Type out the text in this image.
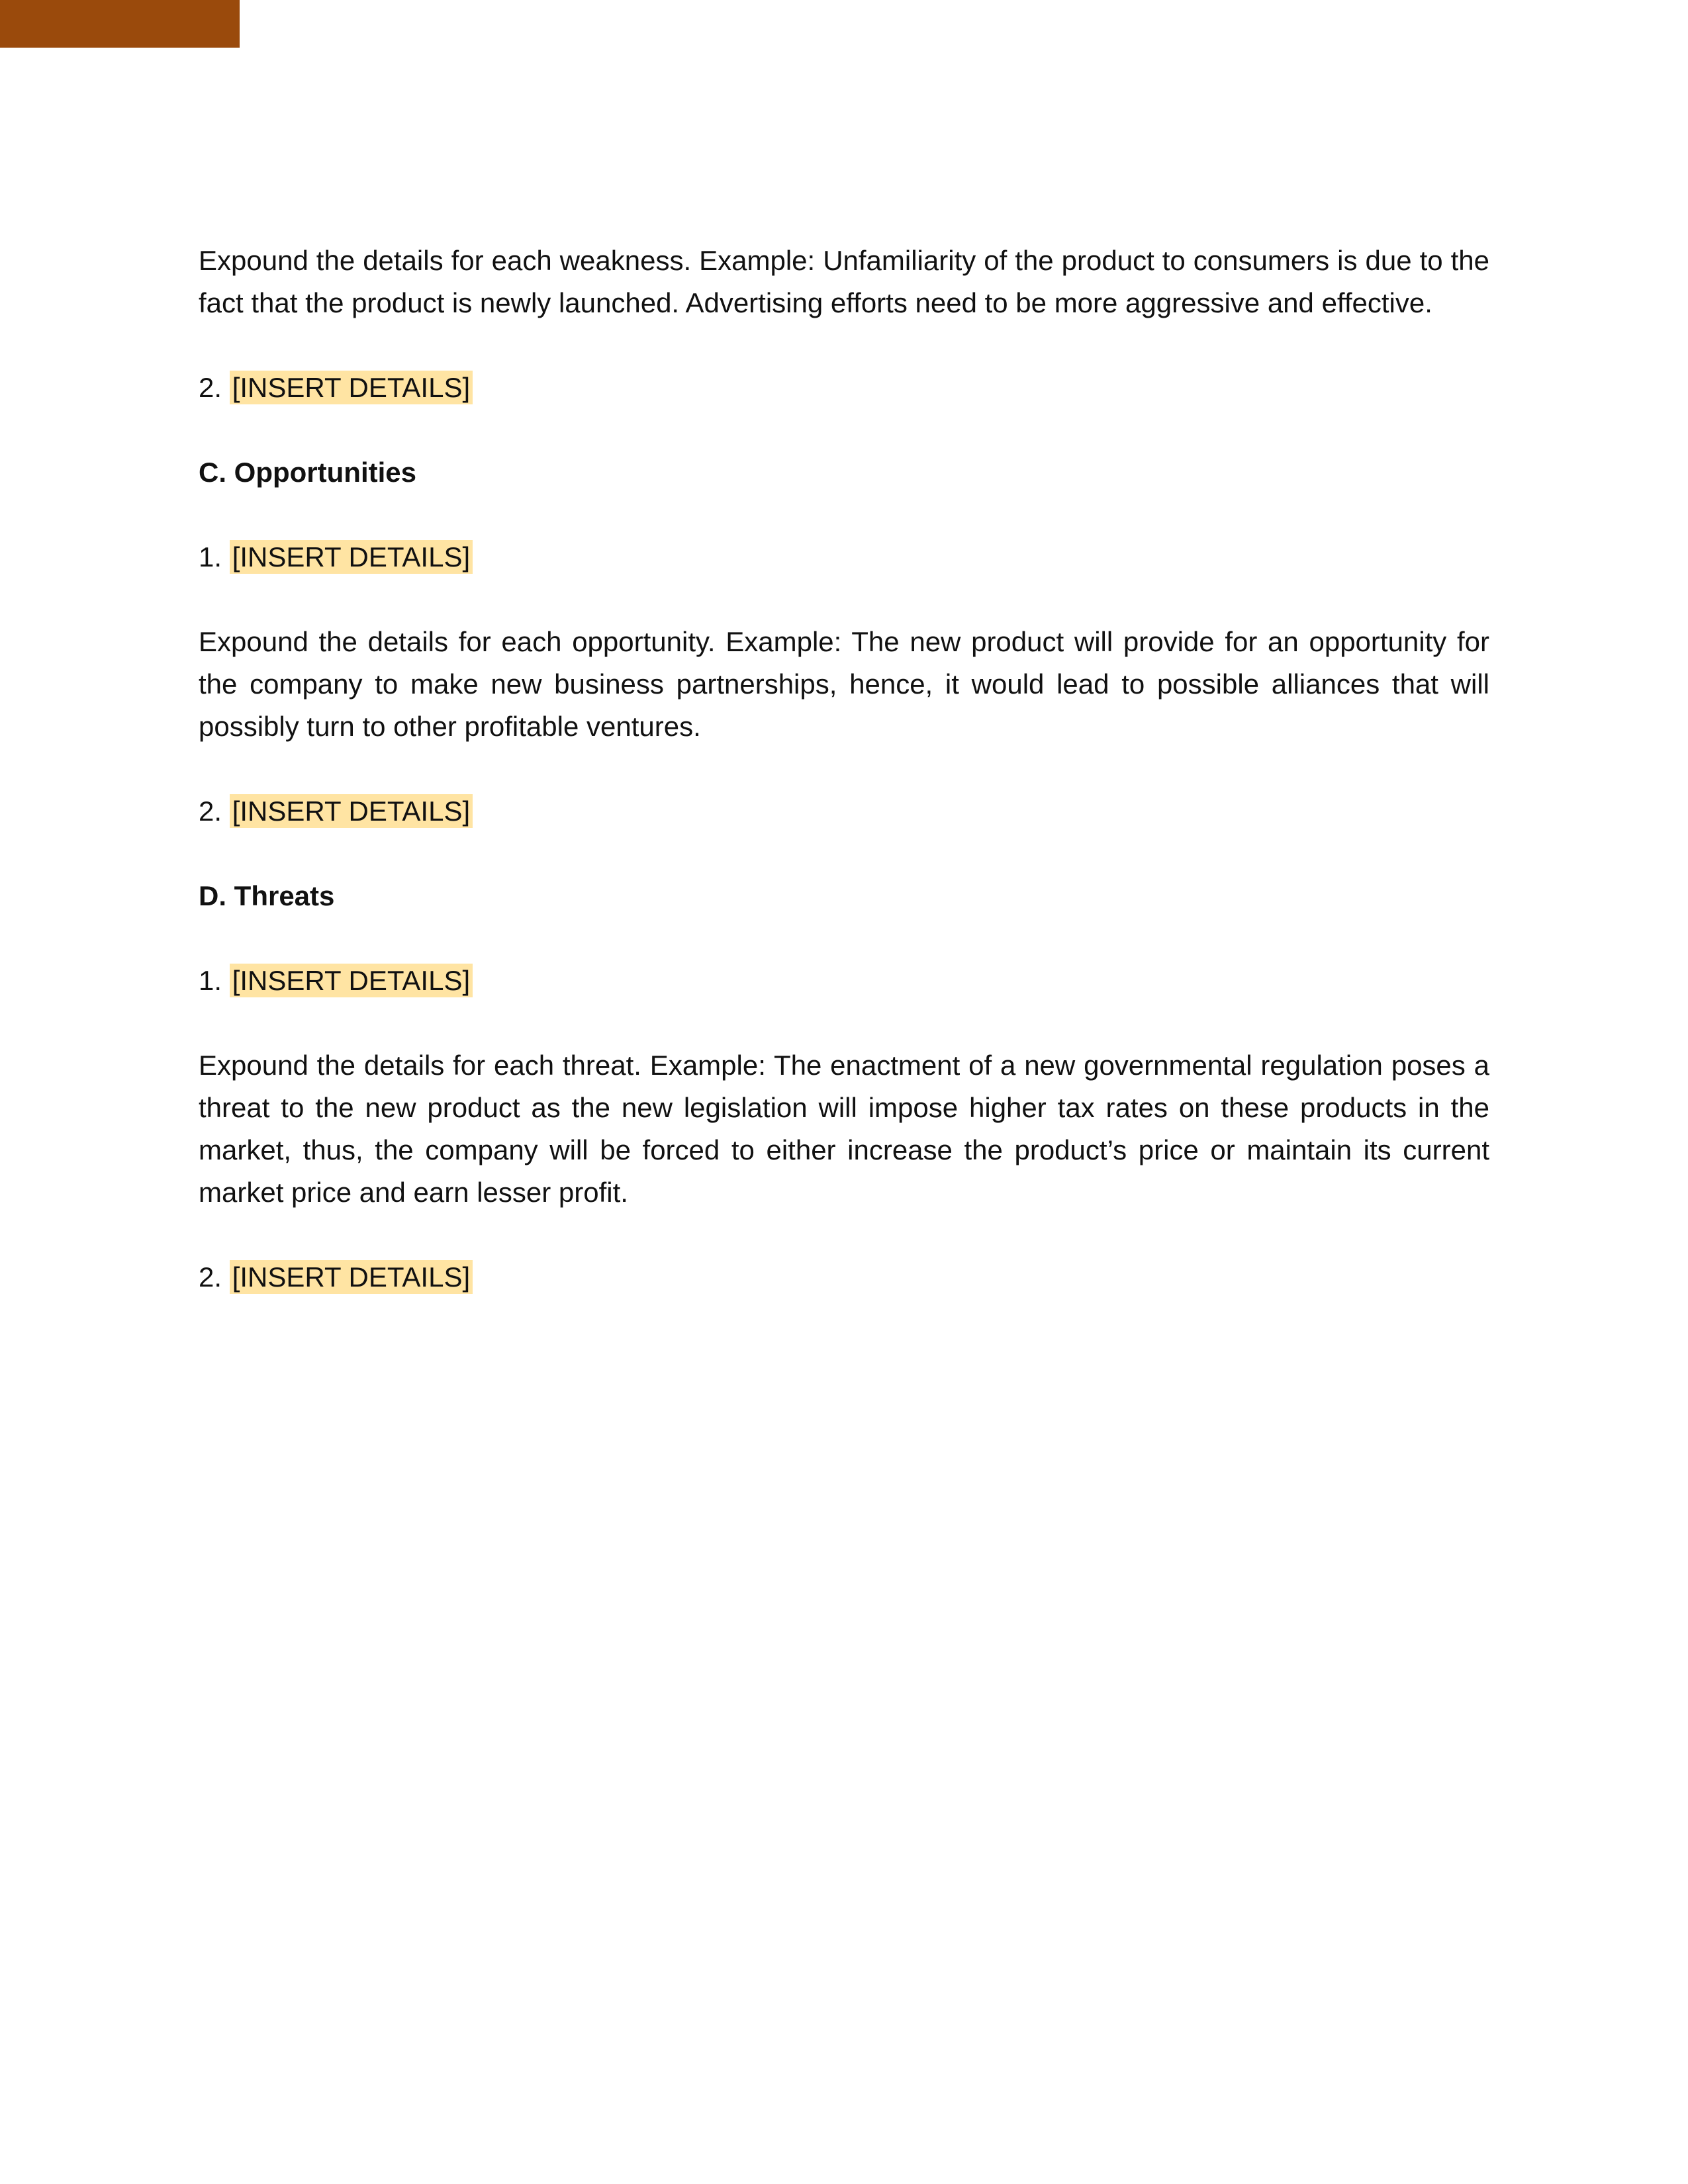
Expound the details for each weakness. Example: Unfamiliarity of the product to consumers is due to the fact that the product is newly launched. Advertising efforts need to be more aggressive and effective.

2. [INSERT DETAILS]

C. Opportunities

1. [INSERT DETAILS]

Expound the details for each opportunity. Example: The new product will provide for an opportunity for the company to make new business partnerships, hence, it would lead to possible alliances that will possibly turn to other profitable ventures.

2. [INSERT DETAILS]

D. Threats

1. [INSERT DETAILS]

Expound the details for each threat. Example: The enactment of a new governmental regulation poses a threat to the new product as the new legislation will impose higher tax rates on these products in the market, thus, the company will be forced to either increase the product’s price or maintain its current market price and earn lesser profit.

2. [INSERT DETAILS]
